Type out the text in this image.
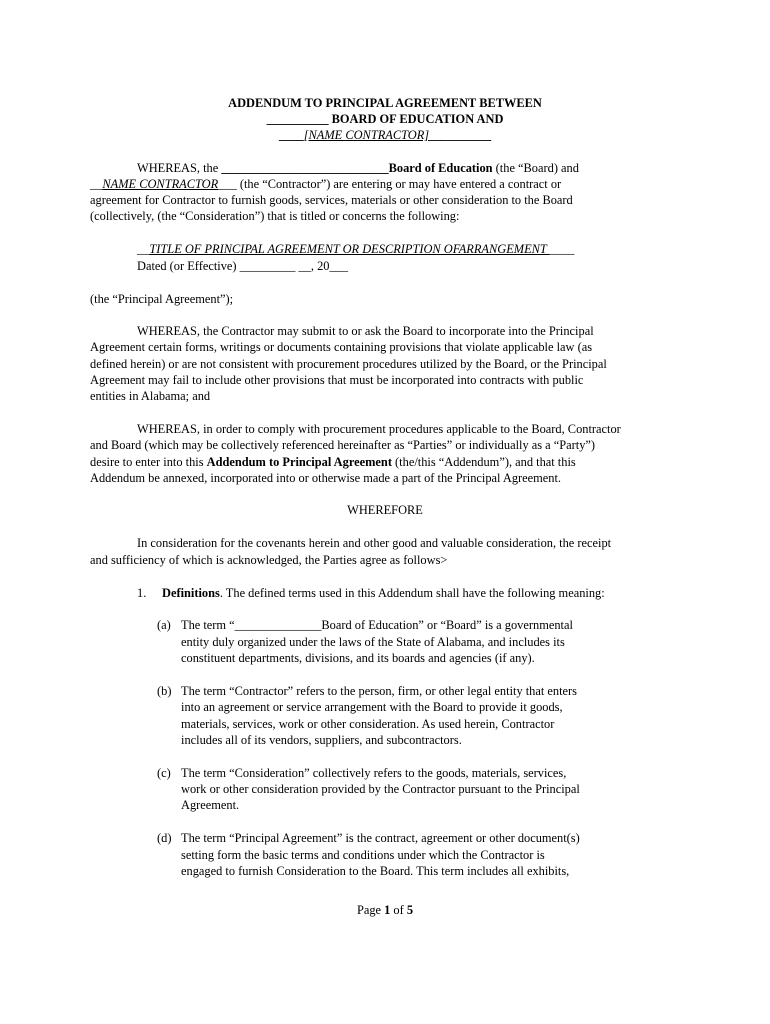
ADDENDUM TO PRINCIPAL AGREEMENT BETWEEN
__________ BOARD OF EDUCATION AND
____[NAME CONTRACTOR]__________
WHEREAS, the ___________________________Board of Education (the “Board) and
__NAME CONTRACTOR___ (the “Contractor”) are entering or may have entered a contract or
agreement for Contractor to furnish goods, services, materials or other consideration to the Board
(collectively, (the “Consideration”) that is titled or concerns the following:
__TITLE OF PRINCIPAL AGREEMENT OR DESCRIPTION OFARRANGEMENT ____
Dated (or Effective) _________ __, 20___
(the “Principal Agreement”);
WHEREAS, the Contractor may submit to or ask the Board to incorporate into the Principal
Agreement certain forms, writings or documents containing provisions that violate applicable law (as
defined herein) or are not consistent with procurement procedures utilized by the Board, or the Principal
Agreement may fail to include other provisions that must be incorporated into contracts with public
entities in Alabama; and
WHEREAS, in order to comply with procurement procedures applicable to the Board, Contractor
and Board (which may be collectively referenced hereinafter as “Parties” or individually as a “Party”)
desire to enter into this Addendum to Principal Agreement (the/this “Addendum”), and that this
Addendum be annexed, incorporated into or otherwise made a part of the Principal Agreement.
WHEREFORE
In consideration for the covenants herein and other good and valuable consideration, the receipt
and sufficiency of which is acknowledged, the Parties agree as follows>
1. Definitions. The defined terms used in this Addendum shall have the following meaning:
(a) The term “______________Board of Education” or “Board” is a governmental
entity duly organized under the laws of the State of Alabama, and includes its
constituent departments, divisions, and its boards and agencies (if any).
(b) The term “Contractor” refers to the person, firm, or other legal entity that enters
into an agreement or service arrangement with the Board to provide it goods,
materials, services, work or other consideration. As used herein, Contractor
includes all of its vendors, suppliers, and subcontractors.
(c) The term “Consideration” collectively refers to the goods, materials, services,
work or other consideration provided by the Contractor pursuant to the Principal
Agreement.
(d) The term “Principal Agreement” is the contract, agreement or other document(s)
setting form the basic terms and conditions under which the Contractor is
engaged to furnish Consideration to the Board. This term includes all exhibits,
Page 1 of 5
